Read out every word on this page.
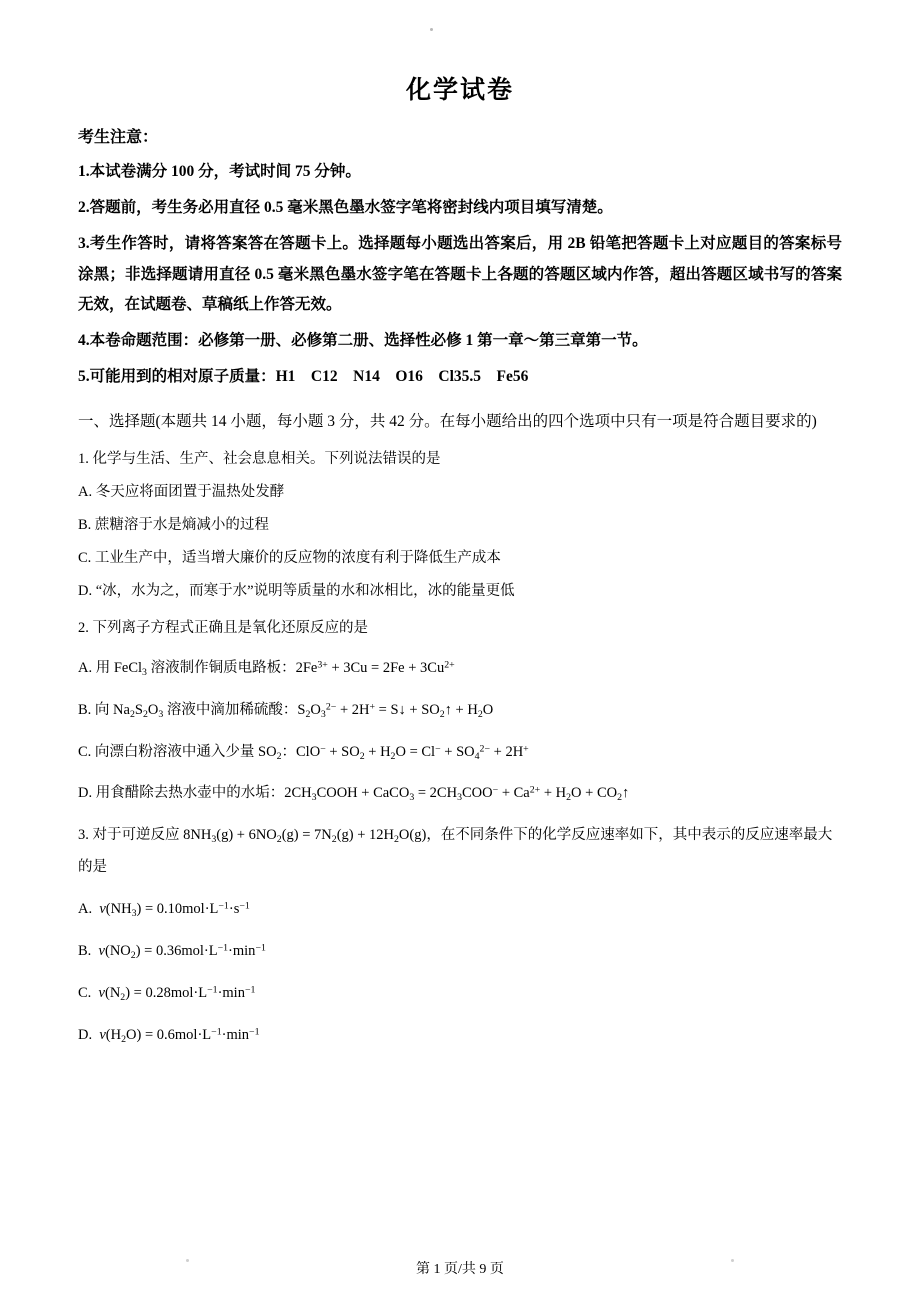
化学试卷
考生注意：
1.本试卷满分 100 分，考试时间 75 分钟。
2.答题前，考生务必用直径 0.5 毫米黑色墨水签字笔将密封线内项目填写清楚。
3.考生作答时，请将答案答在答题卡上。选择题每小题选出答案后，用 2B 铅笔把答题卡上对应题目的答案标号涂黑；非选择题请用直径 0.5 毫米黑色墨水签字笔在答题卡上各题的答题区域内作答，超出答题区域书写的答案无效，在试题卷、草稿纸上作答无效。
4.本卷命题范围：必修第一册、必修第二册、选择性必修 1 第一章～第三章第一节。
5.可能用到的相对原子质量：H1　C12　N14　O16　Cl35.5　Fe56
一、选择题(本题共 14 小题，每小题 3 分，共 42 分。在每小题给出的四个选项中只有一项是符合题目要求的)
1. 化学与生活、生产、社会息息相关。下列说法错误的是
A. 冬天应将面团置于温热处发酵
B. 蔗糖溶于水是熵减小的过程
C. 工业生产中，适当增大廉价的反应物的浓度有利于降低生产成本
D. “冰，水为之，而寒于水”说明等质量的水和冰相比，冰的能量更低
2. 下列离子方程式正确且是氧化还原反应的是
A. 用 FeCl$_3$ 溶液制作铜质电路板：$2Fe^{3+} + 3Cu = 2Fe + 3Cu^{2+}$
B. 向 $Na_2S_2O_3$ 溶液中滴加稀硫酸：$S_2O_3^{2-} + 2H^+$ = S↓ + $SO_2↑ + H_2O$
C. 向漂白粉溶液中通入少量 $SO_2$：$ClO^- + SO_2 + H_2O = Cl^- + SO_4^{2-} + 2H^+$
D. 用食醋除去热水壶中的水垢：$2CH_3COOH$ + CaCO$_3$ = $2CH_3COO^- + Ca^{2+} + H_2O$ + $CO_2↑$
3. 对于可逆反应 $8NH_3(g) + 6NO_2(g) = 7N_2(g) + 12H_2O(g)$，在不同条件下的化学反应速率如下，其中表示的反应速率最大的是
A.  $v(NH_3) = 0.10mol\cdot L^{-1}\cdot s^{-1}$
B.  $v(NO_2) = 0.36mol\cdot L^{-1}\cdot\min^{-1}$
C.  $v(N_2) = 0.28mol\cdot L^{-1}\cdot\min^{-1}$
D.  $v(H_2O) = 0.6mol\cdot L^{-1}\cdot\min^{-1}$
第 1 页/共 9 页
